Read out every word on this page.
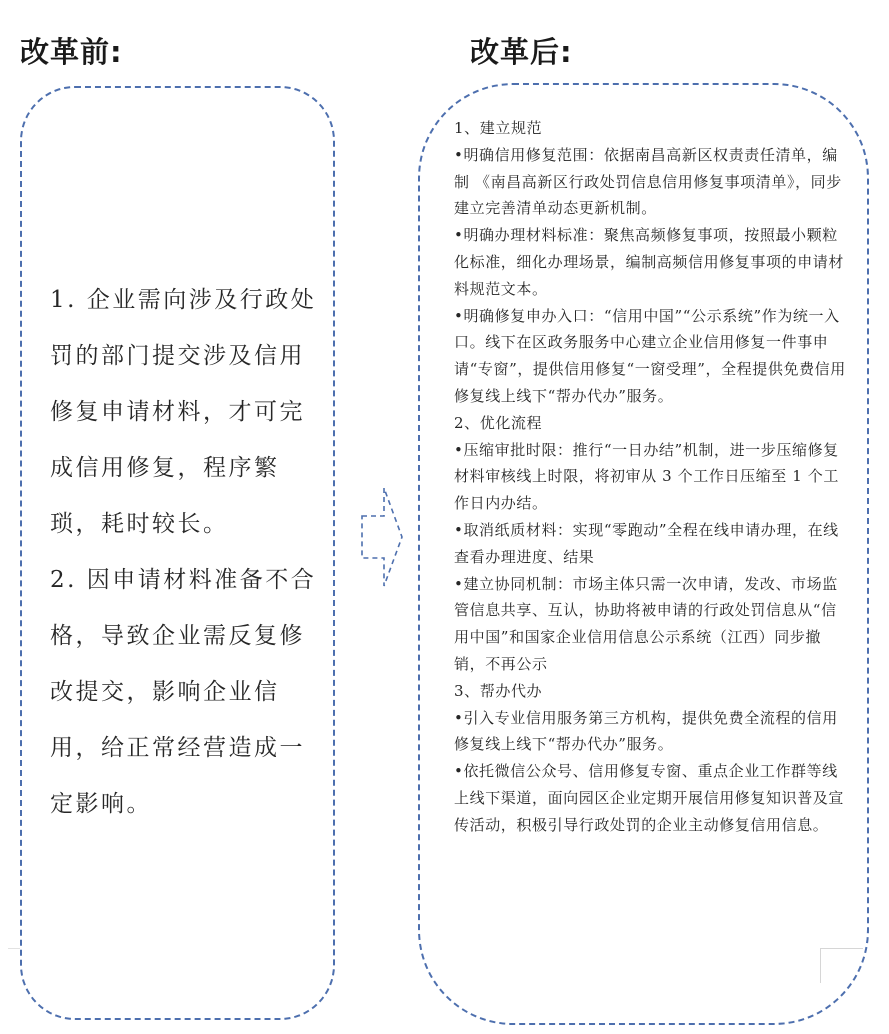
改革前:	改革后:

1. 企业需向涉及行政处罚的部门提交涉及信用修复申请材料，才可完成信用修复，程序繁琐，耗时较长。

2. 因申请材料准备不合格，导致企业需反复修改提交，影响企业信用，给正常经营造成一定影响。

1、建立规范

•明确信用修复范围：依据南昌高新区权责责任清单，编制 《南昌高新区行政处罚信息信用修复事项清单》，同步建立完善清单动态更新机制。

•明确办理材料标准：聚焦高频修复事项，按照最小颗粒化标准，细化办理场景，编制高频信用修复事项的申请材料规范文本。

•明确修复申办入口：“信用中国”“公示系统”作为统一入口。线下在区政务服务中心建立企业信用修复一件事申请“专窗”，提供信用修复“一窗受理”，全程提供免费信用修复线上线下“帮办代办”服务。

2、优化流程

•压缩审批时限：推行“一日办结”机制，进一步压缩修复材料审核线上时限，将初审从 3 个工作日压缩至 1 个工作日内办结。

•取消纸质材料：实现“零跑动”全程在线申请办理，在线查看办理进度、结果

•建立协同机制：市场主体只需一次申请，发改、市场监管信息共享、互认，协助将被申请的行政处罚信息从“信用中国”和国家企业信用信息公示系统（江西）同步撤销，不再公示

3、帮办代办

•引入专业信用服务第三方机构，提供免费全流程的信用修复线上线下“帮办代办”服务。

•依托微信公众号、信用修复专窗、重点企业工作群等线上线下渠道，面向园区企业定期开展信用修复知识普及宣传活动，积极引导行政处罚的企业主动修复信用信息。
